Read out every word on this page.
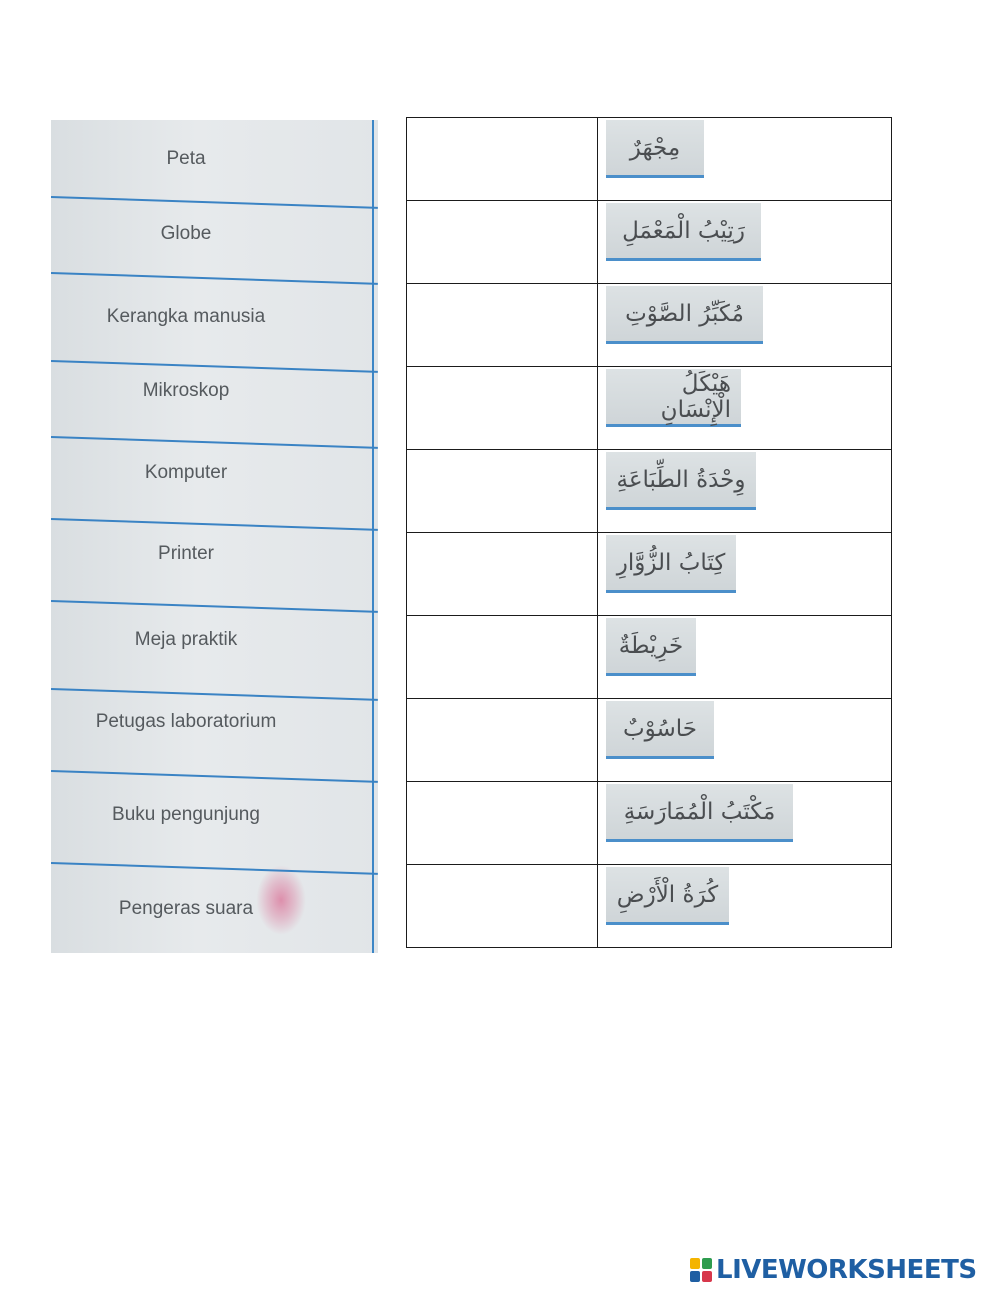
Peta
Globe
Kerangka manusia
Mikroskop
Komputer
Printer
Meja praktik
Petugas laboratorium
Buku pengunjung
Pengeras suara

مِجْهَرٌ

رَتِيْبُ الْمَعْمَلِ

مُكَبِّرُ الصَّوْتِ

هَيْكَلُ الْإِنْسَانِ

وِحْدَةُ الطِّبَاعَةِ

كِتَابُ الزُّوَّارِ

خَرِيْطَةٌ

حَاسُوْبٌ

مَكْتَبُ الْمُمَارَسَةِ

كُرَةُ الْأَرْضِ
LIVEWORKSHEETS
